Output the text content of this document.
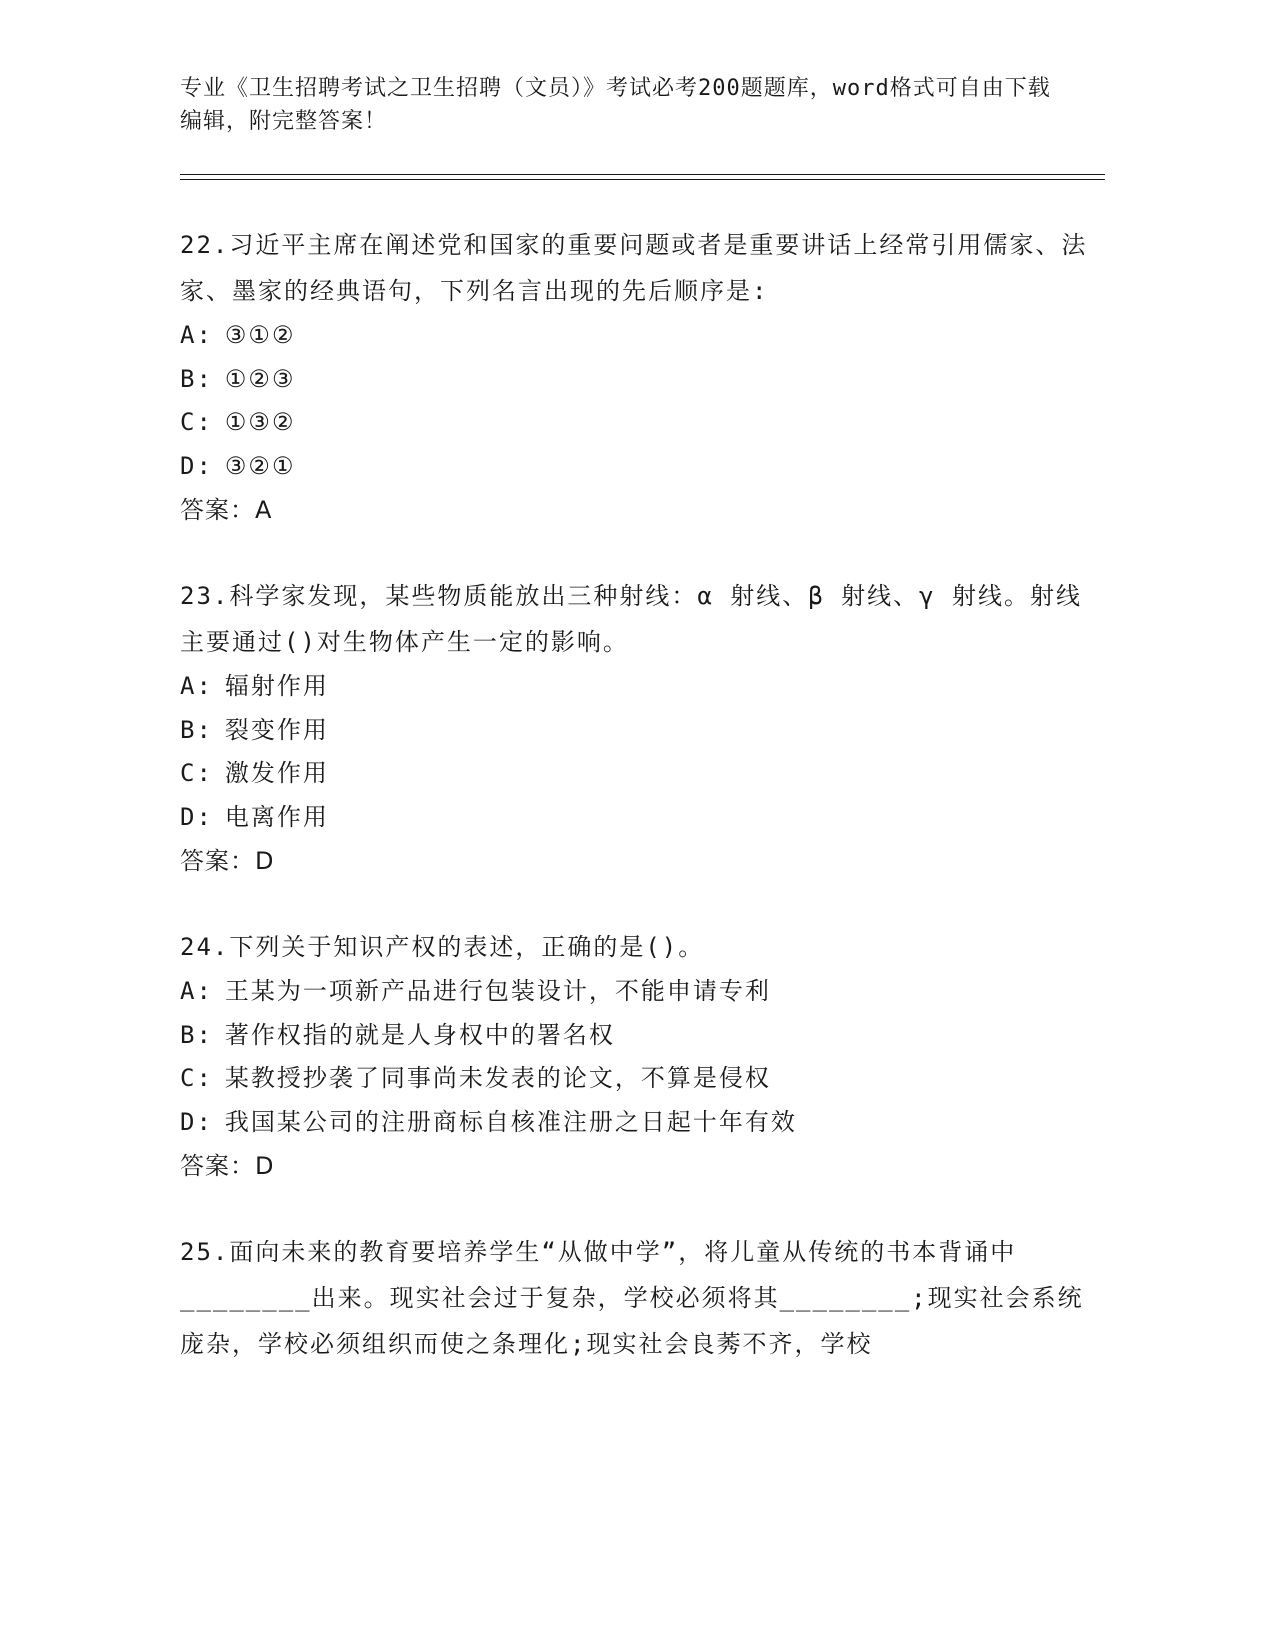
专业《卫生招聘考试之卫生招聘（文员）》考试必考200题题库，word格式可自由下载编辑，附完整答案！

22.习近平主席在阐述党和国家的重要问题或者是重要讲话上经常引用儒家、法家、墨家的经典语句，下列名言出现的先后顺序是:

A: ③①②
B: ①②③
C: ①③②
D: ③②①
答案：A

23.科学家发现，某些物质能放出三种射线：α 射线、β 射线、γ 射线。射线主要通过()对生物体产生一定的影响。

A: 辐射作用
B: 裂变作用
C: 激发作用
D: 电离作用
答案：D

24.下列关于知识产权的表述，正确的是()。

A: 王某为一项新产品进行包装设计，不能申请专利
B: 著作权指的就是人身权中的署名权
C: 某教授抄袭了同事尚未发表的论文，不算是侵权
D: 我国某公司的注册商标自核准注册之日起十年有效
答案：D

25.面向未来的教育要培养学生“从做中学”，将儿童从传统的书本背诵中________出来。现实社会过于复杂，学校必须将其________;现实社会系统庞杂，学校必须组织而使之条理化;现实社会良莠不齐，学校
